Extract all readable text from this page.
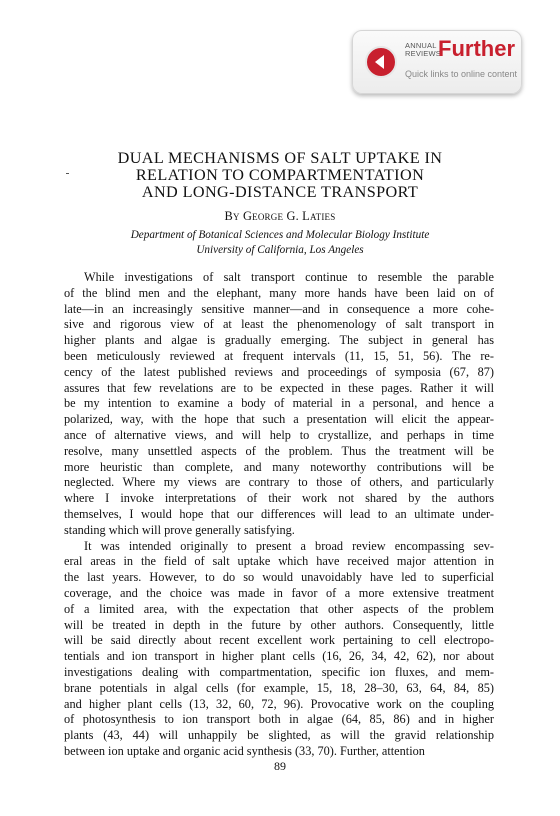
ANNUAL
REVIEWS
Further
Quick links to online content
DUAL MECHANISMS OF SALT UPTAKE IN
RELATION TO COMPARTMENTATION
AND LONG-DISTANCE TRANSPORT
By George G. Laties
Department of Botanical Sciences and Molecular Biology Institute
University of California, Los Angeles
While investigations of salt transport continue to resemble the parable
of the blind men and the elephant, many more hands have been laid on of
late—in an increasingly sensitive manner—and in consequence a more cohe-
sive and rigorous view of at least the phenomenology of salt transport in
higher plants and algae is gradually emerging. The subject in general has
been meticulously reviewed at frequent intervals (11, 15, 51, 56). The re-
cency of the latest published reviews and proceedings of symposia (67, 87)
assures that few revelations are to be expected in these pages. Rather it will
be my intention to examine a body of material in a personal, and hence a
polarized, way, with the hope that such a presentation will elicit the appear-
ance of alternative views, and will help to crystallize, and perhaps in time
resolve, many unsettled aspects of the problem. Thus the treatment will be
more heuristic than complete, and many noteworthy contributions will be
neglected. Where my views are contrary to those of others, and particularly
where I invoke interpretations of their work not shared by the authors
themselves, I would hope that our differences will lead to an ultimate under-
standing which will prove generally satisfying.
It was intended originally to present a broad review encompassing sev-
eral areas in the field of salt uptake which have received major attention in
the last years. However, to do so would unavoidably have led to superficial
coverage, and the choice was made in favor of a more extensive treatment
of a limited area, with the expectation that other aspects of the problem
will be treated in depth in the future by other authors. Consequently, little
will be said directly about recent excellent work pertaining to cell electropo-
tentials and ion transport in higher plant cells (16, 26, 34, 42, 62), nor about
investigations dealing with compartmentation, specific ion fluxes, and mem-
brane potentials in algal cells (for example, 15, 18, 28–30, 63, 64, 84, 85)
and higher plant cells (13, 32, 60, 72, 96). Provocative work on the coupling
of photosynthesis to ion transport both in algae (64, 85, 86) and in higher
plants (43, 44) will unhappily be slighted, as will the gravid relationship
between ion uptake and organic acid synthesis (33, 70). Further, attention
89
